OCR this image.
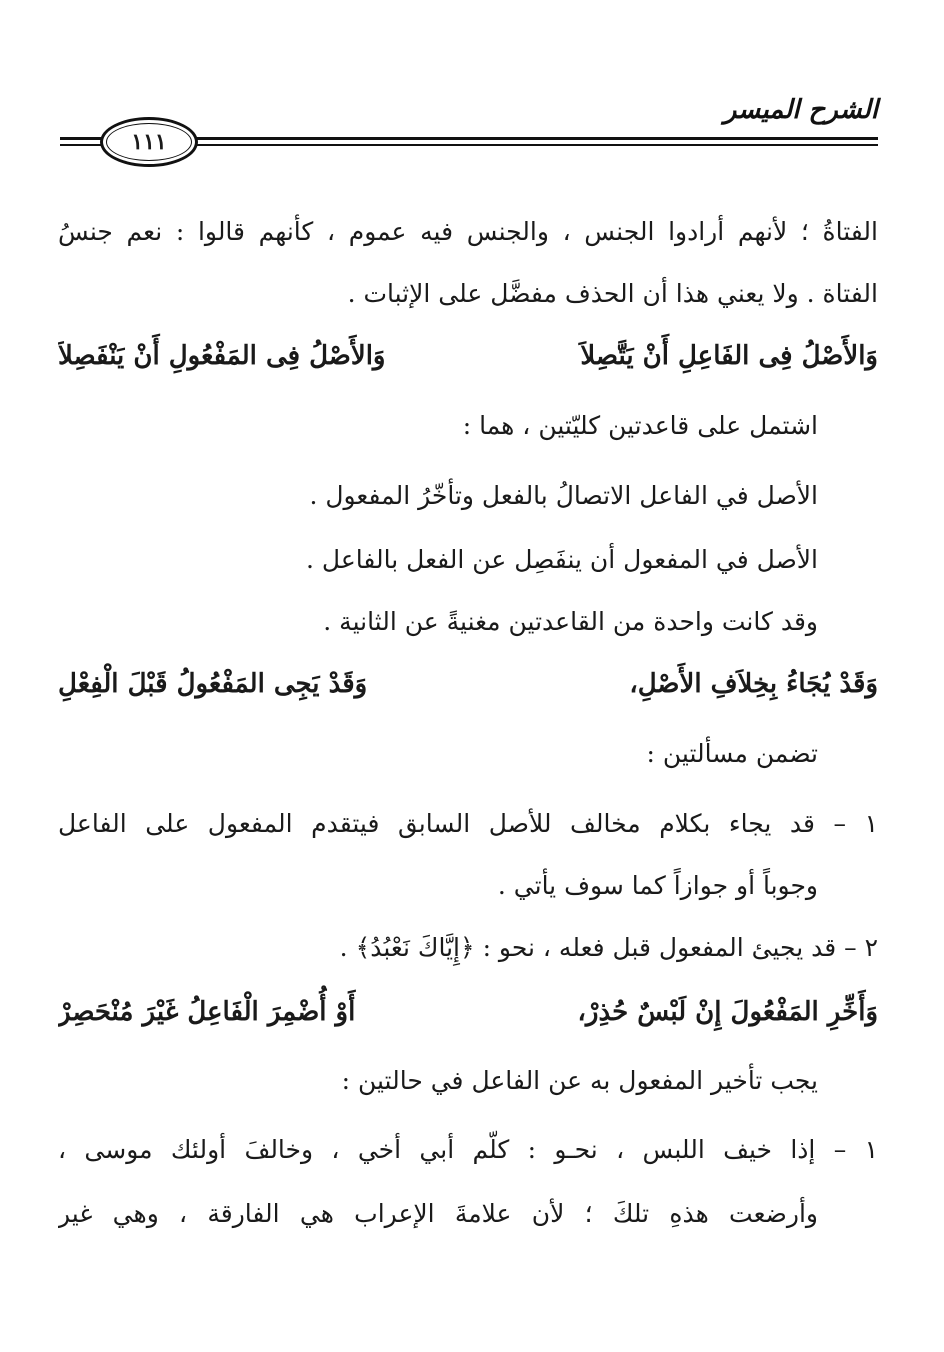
الشرح الميسر
١١١
الفتاةُ ؛ لأنهم أرادوا الجنس ، والجنس فيه عموم ، كأنهم قالوا : نعم جنسُ
الفتاة . ولا يعني هذا أن الحذف مفضَّل على الإثبات .
وَالأَصْلُ فِى الفَاعِلِ أَنْ يَتَّصِلاَ
وَالأَصْلُ فِى المَفْعُولِ أَنْ يَنْفَصِلاَ
اشتمل على قاعدتين كليّتين ، هما :
الأصل في الفاعل الاتصالُ بالفعل وتأخّرُ المفعول .
الأصل في المفعول أن ينفَصِل عن الفعل بالفاعل .
وقد كانت واحدة من القاعدتين مغنيةً عن الثانية .
وَقَدْ يُجَاءُ بِخِلاَفِ الأَصْلِ،
وَقَدْ يَجِى المَفْعُولُ قَبْلَ الْفِعْلِ
تضمن مسألتين :
١ – قد يجاء بكلام مخالف للأصل السابق فيتقدم المفعول على الفاعل
وجوباً أو جوازاً كما سوف يأتي .
٢ – قد يجيئ المفعول قبل فعله ، نحو : ﴿إِيَّاكَ نَعْبُدُ﴾ .
وَأَخِّرِ المَفْعُولَ إِنْ لَبْسٌ حُذِرْ،
أَوْ أُضْمِرَ الْفَاعِلُ غَيْرَ مُنْحَصِرْ
يجب تأخير المفعول به عن الفاعل في حالتين :
١ – إذا خيف اللبس ، نحـو : كلّم أبي أخي ، وخالفَ أولئك موسى ،
وأرضعت هذهِ تلكَ ؛ لأن علامةَ الإعراب هي الفارقة ، وهي غير
